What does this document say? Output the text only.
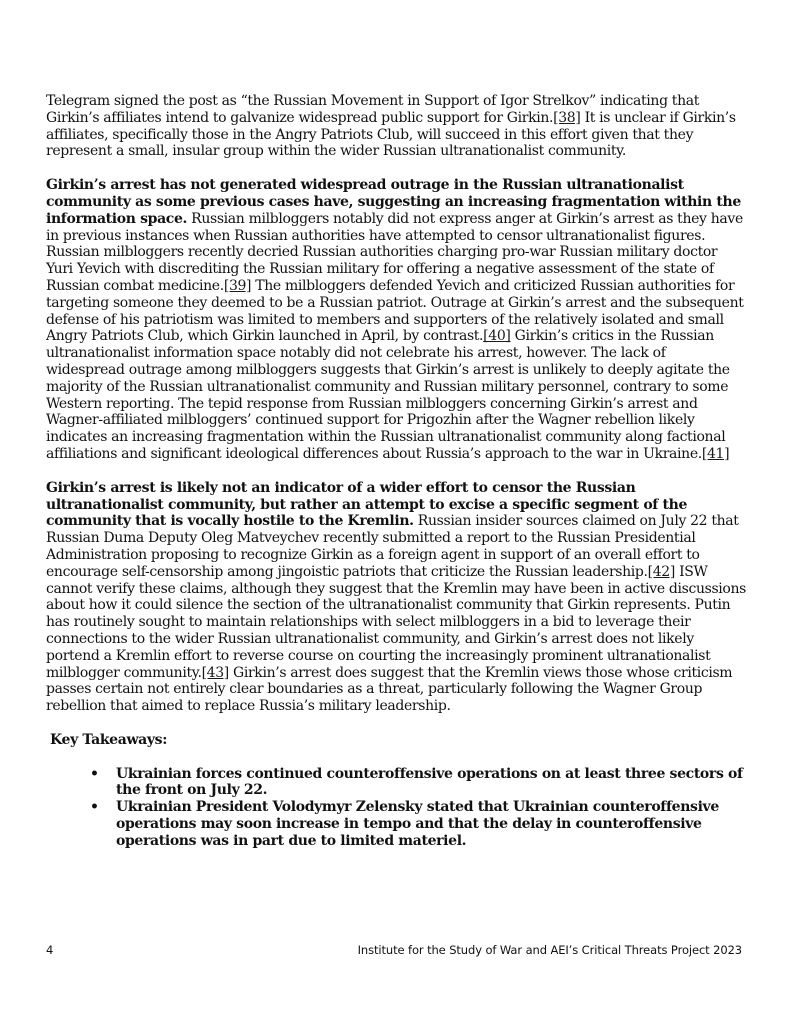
Telegram signed the post as “the Russian Movement in Support of Igor Strelkov” indicating that Girkin’s affiliates intend to galvanize widespread public support for Girkin.[38] It is unclear if Girkin’s affiliates, specifically those in the Angry Patriots Club, will succeed in this effort given that they represent a small, insular group within the wider Russian ultranationalist community.

Girkin’s arrest has not generated widespread outrage in the Russian ultranationalist community as some previous cases have, suggesting an increasing fragmentation within the information space. Russian milbloggers notably did not express anger at Girkin’s arrest as they have in previous instances when Russian authorities have attempted to censor ultranationalist figures. Russian milbloggers recently decried Russian authorities charging pro-war Russian military doctor Yuri Yevich with discrediting the Russian military for offering a negative assessment of the state of Russian combat medicine.[39] The milbloggers defended Yevich and criticized Russian authorities for targeting someone they deemed to be a Russian patriot. Outrage at Girkin’s arrest and the subsequent defense of his patriotism was limited to members and supporters of the relatively isolated and small Angry Patriots Club, which Girkin launched in April, by contrast.[40] Girkin’s critics in the Russian ultranationalist information space notably did not celebrate his arrest, however. The lack of widespread outrage among milbloggers suggests that Girkin’s arrest is unlikely to deeply agitate the majority of the Russian ultranationalist community and Russian military personnel, contrary to some Western reporting. The tepid response from Russian milbloggers concerning Girkin’s arrest and Wagner-affiliated milbloggers’ continued support for Prigozhin after the Wagner rebellion likely indicates an increasing fragmentation within the Russian ultranationalist community along factional affiliations and significant ideological differences about Russia’s approach to the war in Ukraine.[41]

Girkin’s arrest is likely not an indicator of a wider effort to censor the Russian ultranationalist community, but rather an attempt to excise a specific segment of the community that is vocally hostile to the Kremlin. Russian insider sources claimed on July 22 that Russian Duma Deputy Oleg Matveychev recently submitted a report to the Russian Presidential Administration proposing to recognize Girkin as a foreign agent in support of an overall effort to encourage self-censorship among jingoistic patriots that criticize the Russian leadership.[42] ISW cannot verify these claims, although they suggest that the Kremlin may have been in active discussions about how it could silence the section of the ultranationalist community that Girkin represents. Putin has routinely sought to maintain relationships with select milbloggers in a bid to leverage their connections to the wider Russian ultranationalist community, and Girkin’s arrest does not likely portend a Kremlin effort to reverse course on courting the increasingly prominent ultranationalist milblogger community.[43] Girkin’s arrest does suggest that the Kremlin views those whose criticism passes certain not entirely clear boundaries as a threat, particularly following the Wagner Group rebellion that aimed to replace Russia’s military leadership.

Key Takeaways:
• Ukrainian forces continued counteroffensive operations on at least three sectors of the front on July 22.
• Ukrainian President Volodymyr Zelensky stated that Ukrainian counteroffensive operations may soon increase in tempo and that the delay in counteroffensive operations was in part due to limited materiel.
4	Institute for the Study of War and AEI’s Critical Threats Project 2023
